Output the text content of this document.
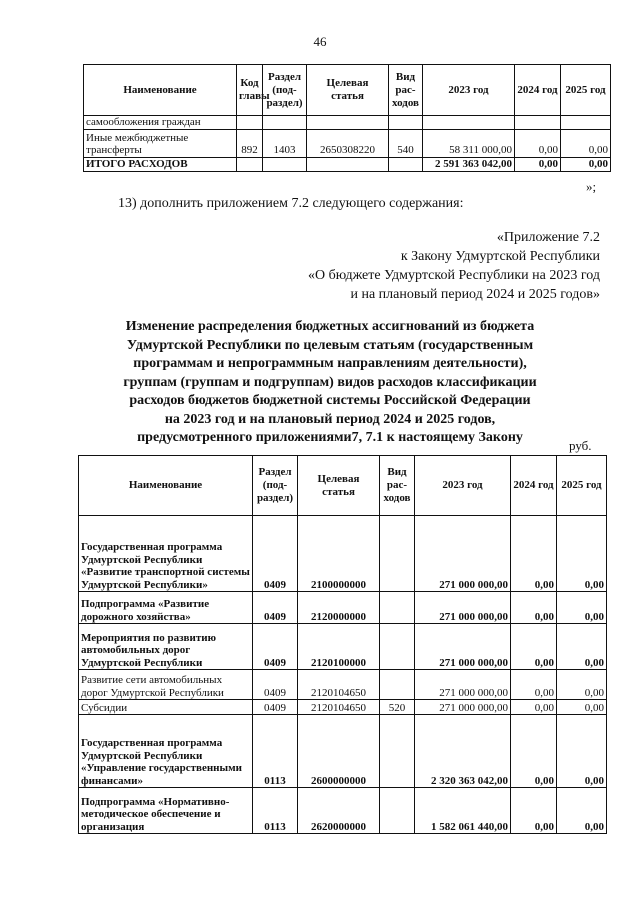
46
Наименование	Код главы	Раздел (под-раздел)	Целевая статья	Вид рас-ходов	2023 год	2024 год	2025 год
самообложения граждан							
Иные межбюджетные трансферты	892	1403	2650308220	540	58 311 000,00	0,00	0,00
ИТОГО РАСХОДОВ					2 591 363 042,00	0,00	0,00
»;
13) дополнить приложением 7.2 следующего содержания:
«Приложение 7.2
к Закону Удмуртской Республики
«О бюджете Удмуртской Республики на 2023 год
и на плановый период 2024 и 2025 годов»
Изменение распределения бюджетных ассигнований из бюджета
Удмуртской Республики по целевым статьям (государственным
программам и непрограммным направлениям деятельности),
группам (группам и подгруппам) видов расходов классификации
расходов бюджетов бюджетной системы Российской Федерации
на 2023 год и на плановый период 2024 и 2025 годов,
предусмотренного приложениями7, 7.1 к настоящему Закону
руб.
Наименование	Раздел (под-раздел)	Целевая статья	Вид рас-ходов	2023 год	2024 год	2025 год
Государственная программа Удмуртской Республики «Развитие транспортной системы Удмуртской Республики»	0409	2100000000		271 000 000,00	0,00	0,00
Подпрограмма «Развитие дорожного хозяйства»	0409	2120000000		271 000 000,00	0,00	0,00
Мероприятия по развитию автомобильных дорог Удмуртской Республики	0409	2120100000		271 000 000,00	0,00	0,00
Развитие сети автомобильных дорог Удмуртской Республики	0409	2120104650		271 000 000,00	0,00	0,00
Субсидии	0409	2120104650	520	271 000 000,00	0,00	0,00
Государственная программа Удмуртской Республики «Управление государственными финансами»	0113	2600000000		2 320 363 042,00	0,00	0,00
Подпрограмма «Нормативно-методическое обеспечение и организация	0113	2620000000		1 582 061 440,00	0,00	0,00
